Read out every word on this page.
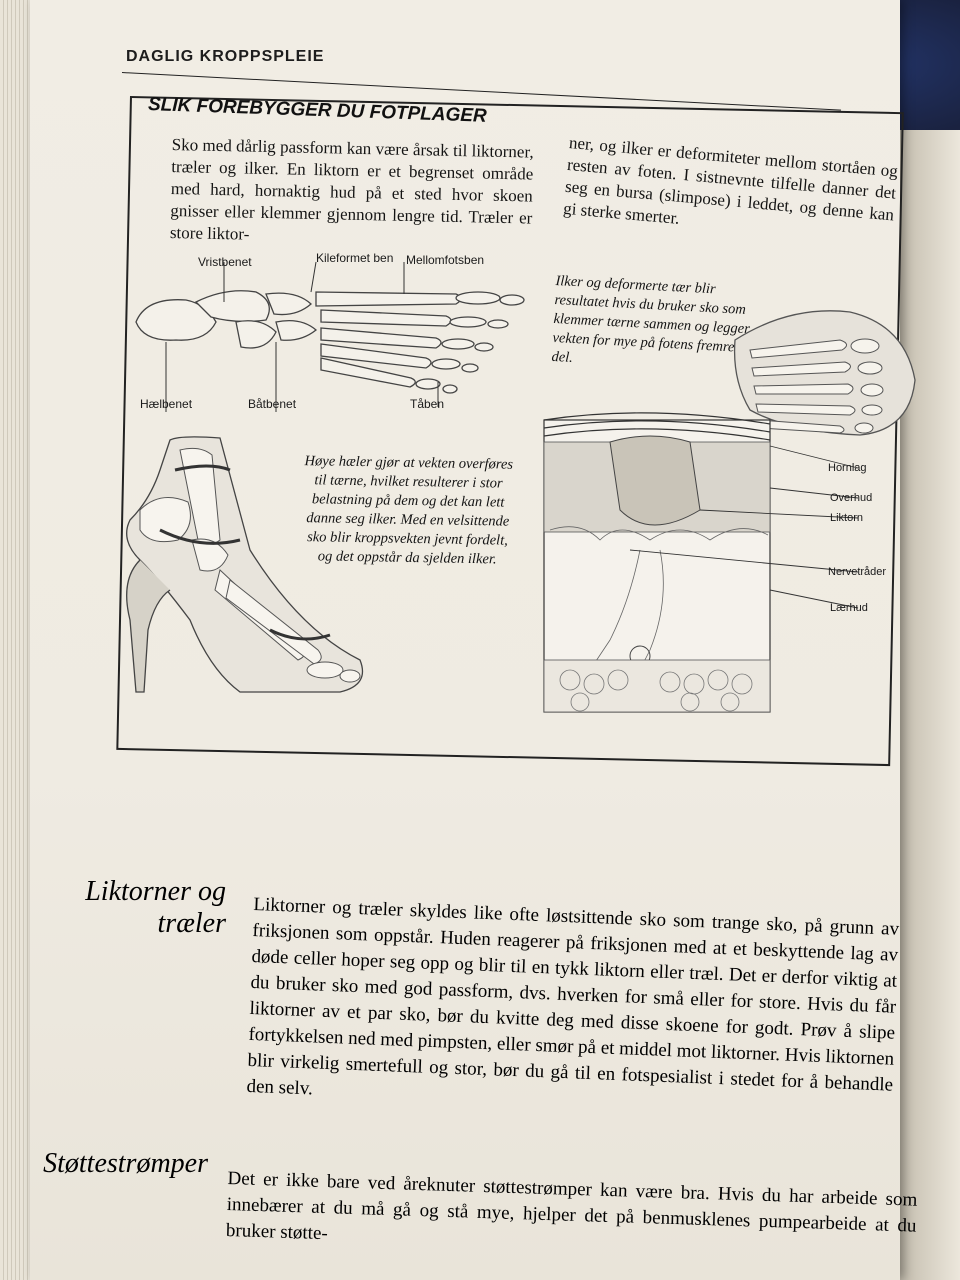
DAGLIG KROPPSPLEIE
SLIK FOREBYGGER DU FOTPLAGER
Sko med dårlig passform kan være årsak til liktorner, træler og ilker. En liktorn er et begrenset område med hard, hornaktig hud på et sted hvor skoen gnisser eller klemmer gjennom lengre tid. Træler er store liktor-
ner, og ilker er deformiteter mellom stortåen og resten av foten. I sistnevnte tilfelle danner det seg en bursa (slimpose) i leddet, og denne kan gi sterke smerter.
Vristbenet	Kileformet ben Mellomfotsben
Hælbenet	Båtbenet	Tåben
Ilker og deformerte tær blir resultatet hvis du bruker sko som klemmer tærne sammen og legger vekten for mye på fotens fremre del.
Høye hæler gjør at vekten overføres til tærne, hvilket resulterer i stor belastning på dem og det kan lett danne seg ilker. Med en velsittende sko blir kroppsvekten jevnt fordelt, og det oppstår da sjelden ilker.
Hornlag
Overhud
Liktorn
Nervetråder
Lærhud
Liktorner og træler	Liktorner og træler skyldes like ofte løstsittende sko som trange sko, på grunn av friksjonen som oppstår. Huden reagerer på friksjonen med at et beskyttende lag av døde celler hoper seg opp og blir til en tykk liktorn eller træl. Det er derfor viktig at du bruker sko med god passform, dvs. hverken for små eller for store. Hvis du får liktorner av et par sko, bør du kvitte deg med disse skoene for godt. Prøv å slipe fortykkelsen ned med pimpsten, eller smør på et middel mot liktorner. Hvis liktornen blir virkelig smertefull og stor, bør du gå til en fotspesialist i stedet for å behandle den selv.
Støttestrømper
Det er ikke bare ved åreknuter støttestrømper kan være bra. Hvis du har arbeide som innebærer at du må gå og stå mye, hjelper det på benmusklenes pumpearbeide at du bruker støtte-
